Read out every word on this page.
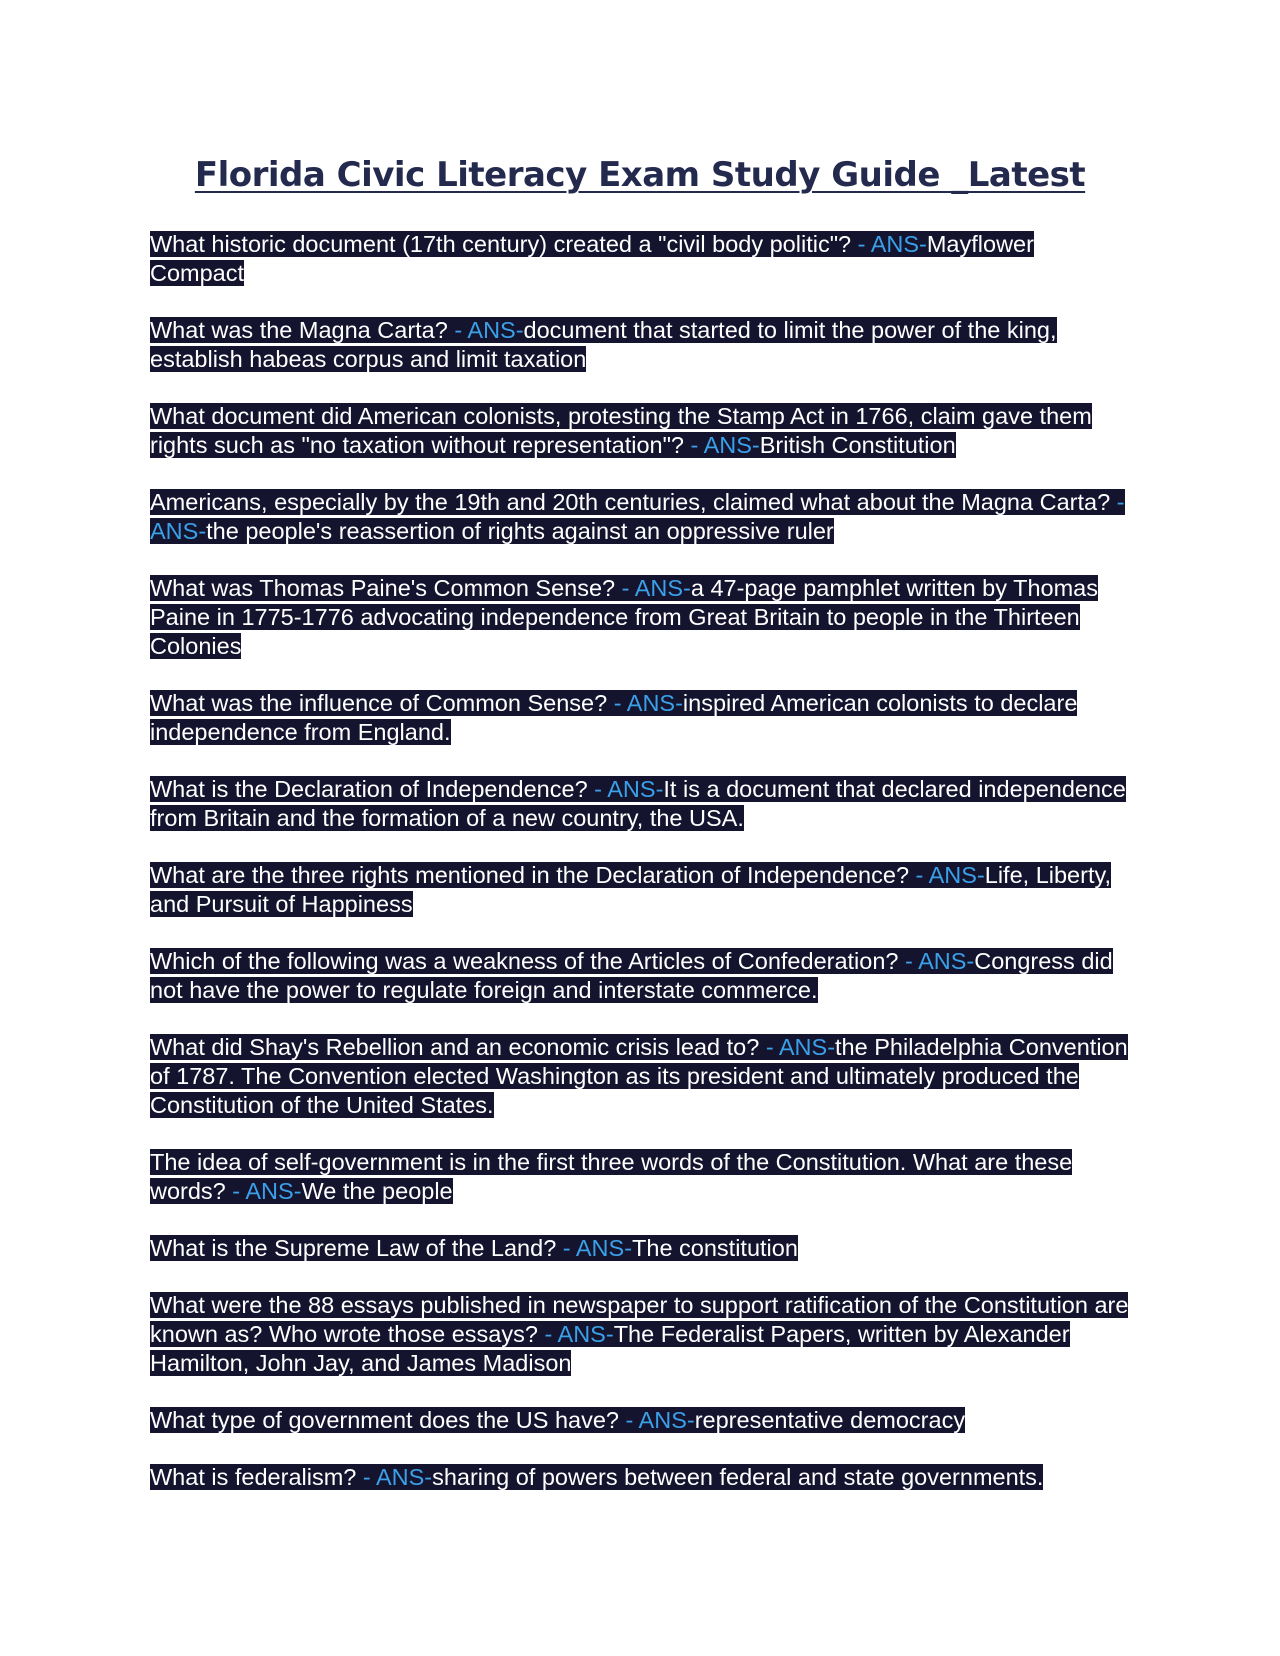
Florida Civic Literacy Exam Study Guide _Latest

What historic document (17th century) created a "civil body politic"? - ANS-Mayflower Compact

What was the Magna Carta? - ANS-document that started to limit the power of the king, establish habeas corpus and limit taxation

What document did American colonists, protesting the Stamp Act in 1766, claim gave them rights such as "no taxation without representation"? - ANS-British Constitution

Americans, especially by the 19th and 20th centuries, claimed what about the Magna Carta? - ANS-the people's reassertion of rights against an oppressive ruler

What was Thomas Paine's Common Sense? - ANS-a 47-page pamphlet written by Thomas Paine in 1775-1776 advocating independence from Great Britain to people in the Thirteen Colonies

What was the influence of Common Sense? - ANS-inspired American colonists to declare independence from England.

What is the Declaration of Independence? - ANS-It is a document that declared independence from Britain and the formation of a new country, the USA.

What are the three rights mentioned in the Declaration of Independence? - ANS-Life, Liberty, and Pursuit of Happiness

Which of the following was a weakness of the Articles of Confederation? - ANS-Congress did not have the power to regulate foreign and interstate commerce.

What did Shay's Rebellion and an economic crisis lead to? - ANS-the Philadelphia Convention of 1787. The Convention elected Washington as its president and ultimately produced the Constitution of the United States.

The idea of self-government is in the first three words of the Constitution. What are these words? - ANS-We the people

What is the Supreme Law of the Land? - ANS-The constitution

What were the 88 essays published in newspaper to support ratification of the Constitution are known as? Who wrote those essays? - ANS-The Federalist Papers, written by Alexander Hamilton, John Jay, and James Madison

What type of government does the US have? - ANS-representative democracy

What is federalism? - ANS-sharing of powers between federal and state governments.
